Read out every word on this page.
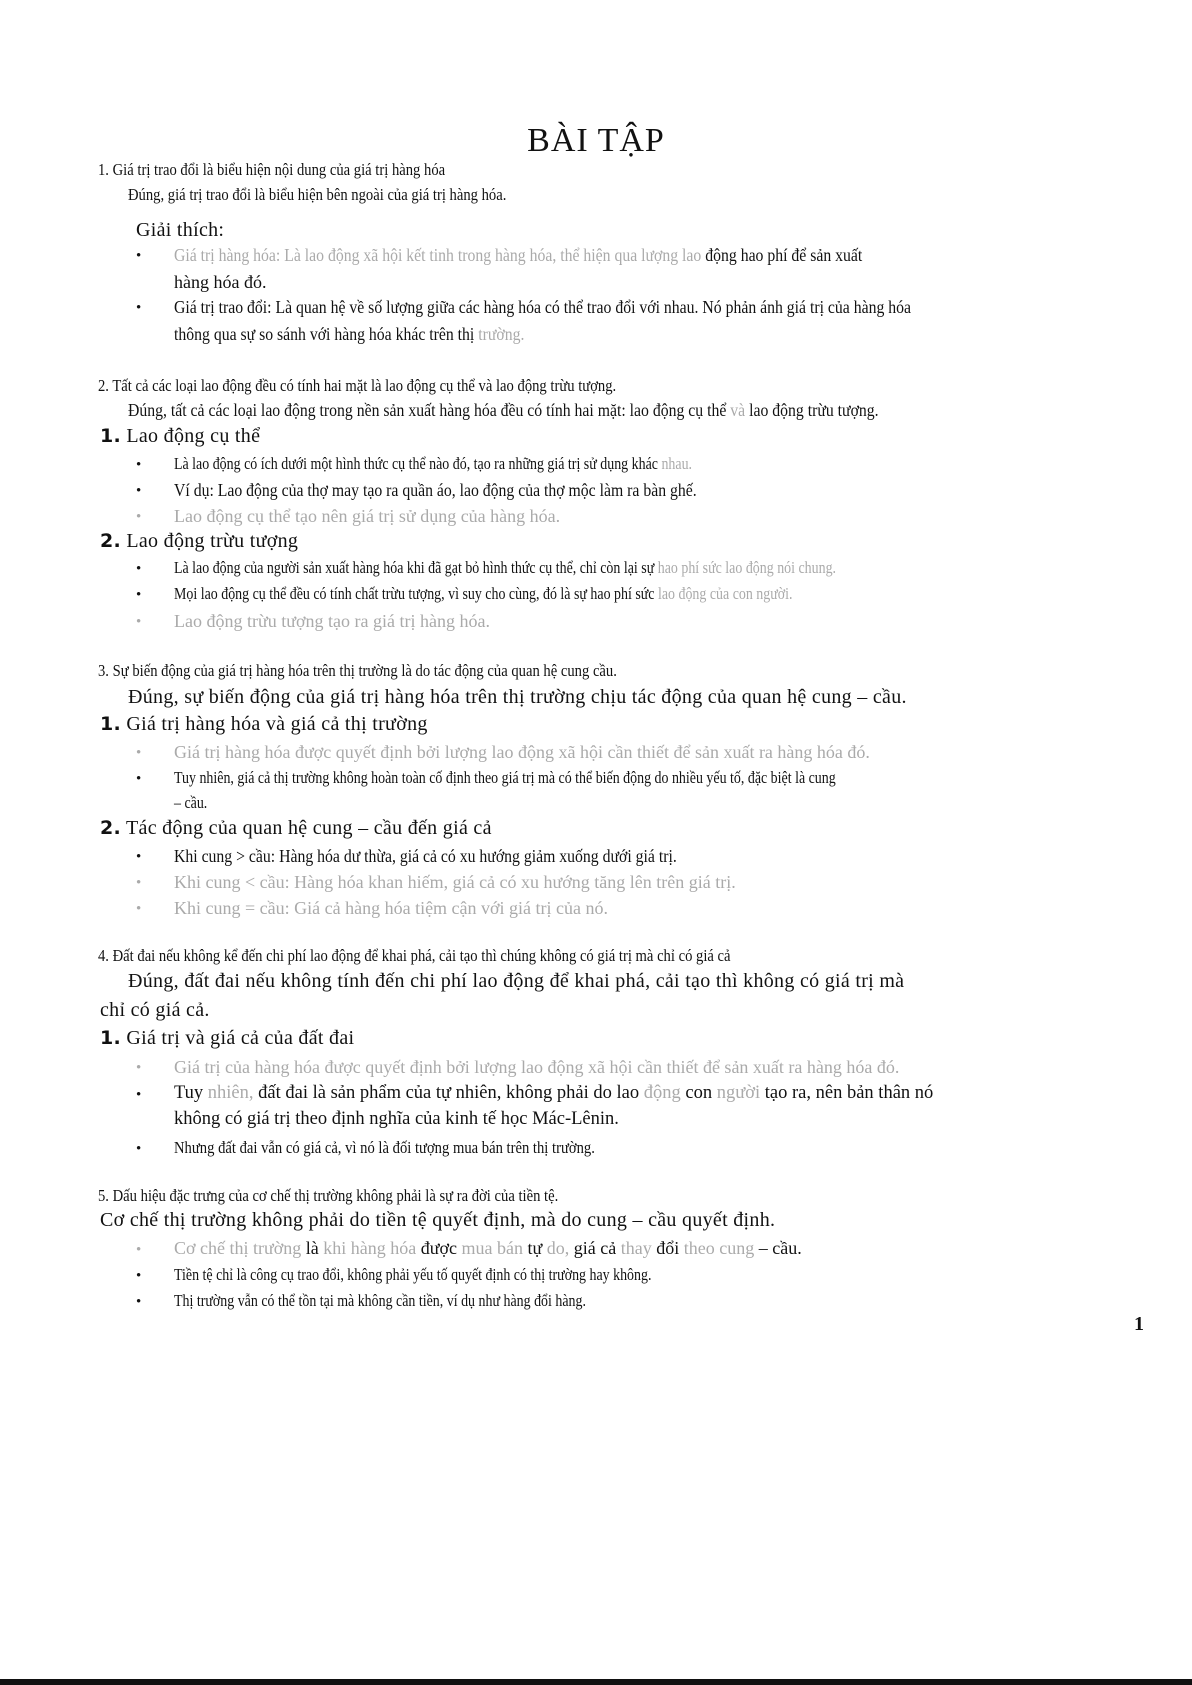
BÀI TẬP
1. Giá trị trao đổi là biểu hiện nội dung của giá trị hàng hóa
Đúng, giá trị trao đổi là biểu hiện bên ngoài của giá trị hàng hóa.
Giải thích:
• Giá trị hàng hóa: Là lao động xã hội kết tinh trong hàng hóa, thể hiện qua lượng lao động hao phí để sản xuất
hàng hóa đó.
• Giá trị trao đổi: Là quan hệ về số lượng giữa các hàng hóa có thể trao đổi với nhau. Nó phản ánh giá trị của hàng hóa
thông qua sự so sánh với hàng hóa khác trên thị trường.
2. Tất cả các loại lao động đều có tính hai mặt là lao động cụ thể và lao động trừu tượng.
Đúng, tất cả các loại lao động trong nền sản xuất hàng hóa đều có tính hai mặt: lao động cụ thể và lao động trừu tượng.
1. Lao động cụ thể
• Là lao động có ích dưới một hình thức cụ thể nào đó, tạo ra những giá trị sử dụng khác nhau.
• Ví dụ: Lao động của thợ may tạo ra quần áo, lao động của thợ mộc làm ra bàn ghế.
• Lao động cụ thể tạo nên giá trị sử dụng của hàng hóa.
2. Lao động trừu tượng
• Là lao động của người sản xuất hàng hóa khi đã gạt bỏ hình thức cụ thể, chỉ còn lại sự hao phí sức lao động nói chung.
• Mọi lao động cụ thể đều có tính chất trừu tượng, vì suy cho cùng, đó là sự hao phí sức lao động của con người.
• Lao động trừu tượng tạo ra giá trị hàng hóa.
3. Sự biến động của giá trị hàng hóa trên thị trường là do tác động của quan hệ cung cầu.
Đúng, sự biến động của giá trị hàng hóa trên thị trường chịu tác động của quan hệ cung – cầu.
1. Giá trị hàng hóa và giá cả thị trường
• Giá trị hàng hóa được quyết định bởi lượng lao động xã hội cần thiết để sản xuất ra hàng hóa đó.
• Tuy nhiên, giá cả thị trường không hoàn toàn cố định theo giá trị mà có thể biến động do nhiều yếu tố, đặc biệt là cung
– cầu.
2. Tác động của quan hệ cung – cầu đến giá cả
• Khi cung > cầu: Hàng hóa dư thừa, giá cả có xu hướng giảm xuống dưới giá trị.
• Khi cung < cầu: Hàng hóa khan hiếm, giá cả có xu hướng tăng lên trên giá trị.
• Khi cung = cầu: Giá cả hàng hóa tiệm cận với giá trị của nó.
4. Đất đai nếu không kể đến chi phí lao động để khai phá, cải tạo thì chúng không có giá trị mà chỉ có giá cả
Đúng, đất đai nếu không tính đến chi phí lao động để khai phá, cải tạo thì không có giá trị mà
chỉ có giá cả.
1. Giá trị và giá cả của đất đai
• Giá trị của hàng hóa được quyết định bởi lượng lao động xã hội cần thiết để sản xuất ra hàng hóa đó.
• Tuy nhiên, đất đai là sản phẩm của tự nhiên, không phải do lao động con người tạo ra, nên bản thân nó
không có giá trị theo định nghĩa của kinh tế học Mác-Lênin.
• Nhưng đất đai vẫn có giá cả, vì nó là đối tượng mua bán trên thị trường.
5. Dấu hiệu đặc trưng của cơ chế thị trường không phải là sự ra đời của tiền tệ.
Cơ chế thị trường không phải do tiền tệ quyết định, mà do cung – cầu quyết định.
• Cơ chế thị trường là khi hàng hóa được mua bán tự do, giá cả thay đổi theo cung – cầu.
• Tiền tệ chỉ là công cụ trao đổi, không phải yếu tố quyết định có thị trường hay không.
• Thị trường vẫn có thể tồn tại mà không cần tiền, ví dụ như hàng đổi hàng.
1
